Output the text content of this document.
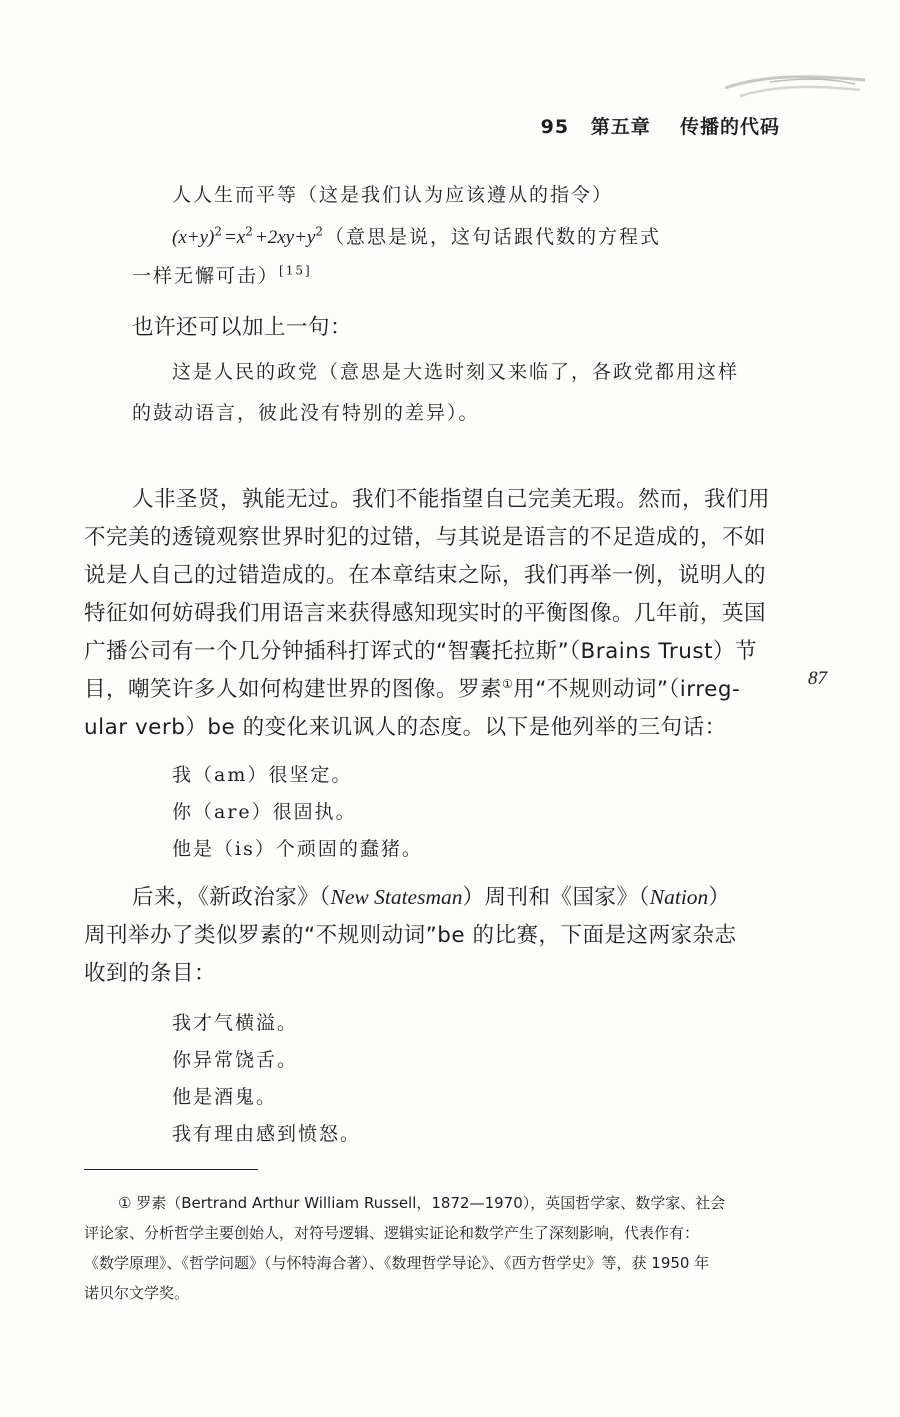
95 第五章 传播的代码
人人生而平等（这是我们认为应该遵从的指令）
$(x+y)^2=x^2+2xy+y^2$（意思是说，这句话跟代数的方程式
一样无懈可击）[15]
也许还可以加上一句：
这是人民的政党（意思是大选时刻又来临了，各政党都用这样
的鼓动语言，彼此没有特别的差异）。
人非圣贤，孰能无过。我们不能指望自己完美无瑕。然而，我们用
不完美的透镜观察世界时犯的过错，与其说是语言的不足造成的，不如
说是人自己的过错造成的。在本章结束之际，我们再举一例，说明人的
特征如何妨碍我们用语言来获得感知现实时的平衡图像。几年前，英国
广播公司有一个几分钟插科打诨式的“智囊托拉斯”（Brains Trust）节
目，嘲笑许多人如何构建世界的图像。罗素①用“不规则动词”（irreg-
ular verb）be 的变化来讥讽人的态度。以下是他列举的三句话：
87
我（am）很坚定。
你（are）很固执。
他是（is）个顽固的蠢猪。
后来，《新政治家》（New Statesman）周刊和《国家》（Nation）
周刊举办了类似罗素的“不规则动词”be 的比赛，下面是这两家杂志
收到的条目：
我才气横溢。
你异常饶舌。
他是酒鬼。
我有理由感到愤怒。
① 罗素（Bertrand Arthur William Russell，1872—1970），英国哲学家、数学家、社会
评论家、分析哲学主要创始人，对符号逻辑、逻辑实证论和数学产生了深刻影响，代表作有：
《数学原理》、《哲学问题》（与怀特海合著）、《数理哲学导论》、《西方哲学史》等，获 1950 年
诺贝尔文学奖。
